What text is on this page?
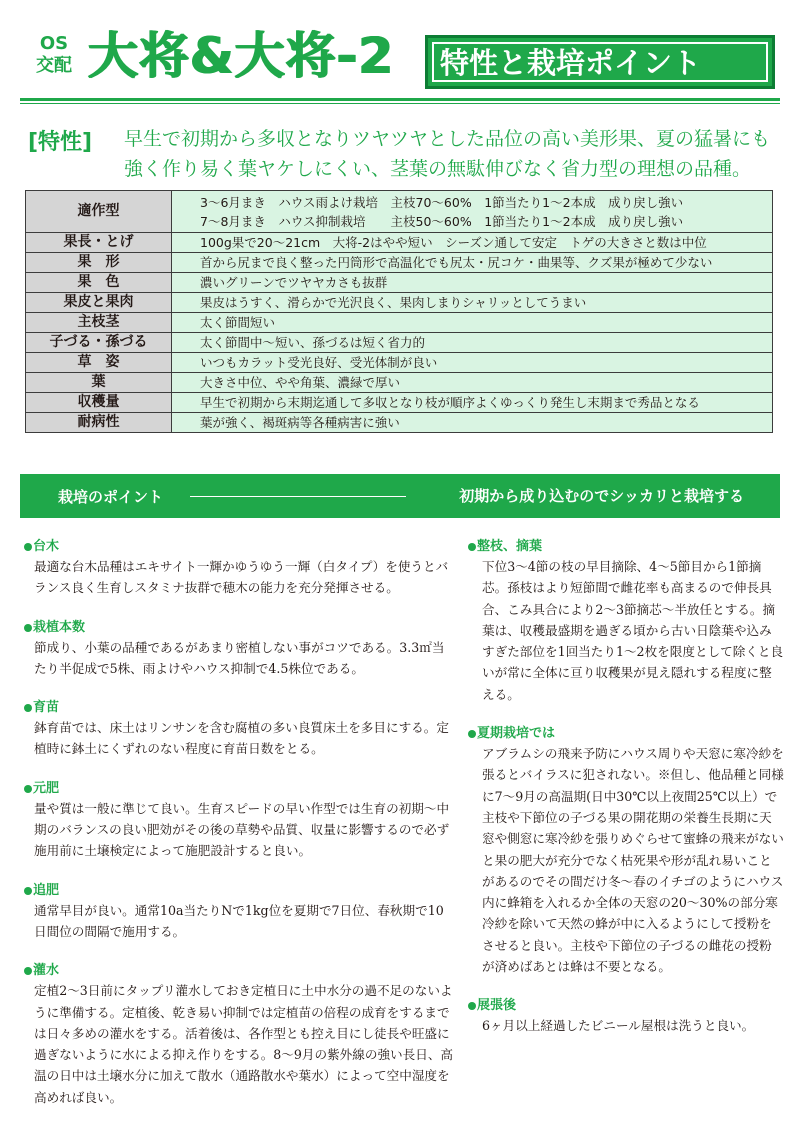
OS
交配 大将&大将-2 特性と栽培ポイント
[特性] 早生で初期から多収となりツヤツヤとした品位の高い美形果、夏の猛暑にも強く作り易く葉ヤケしにくい、茎葉の無駄伸びなく省力型の理想の品種。
適作型	3〜6月まき　ハウス雨よけ栽培　主枝70〜60%　1節当たり1〜2本成　成り戻し強い
7〜8月まき　ハウス抑制栽培　　主枝50〜60%　1節当たり1〜2本成　成り戻し強い

果長・とげ	100g果で20〜21cm　大将-2はやや短い　シーズン通して安定　トゲの大きさと数は中位
果　形	首から尻まで良く整った円筒形で高温化でも尻太・尻コケ・曲果等、クズ果が極めて少ない
果　色	濃いグリーンでツヤヤカさも抜群
果皮と果肉	果皮はうすく、滑らかで光沢良く、果肉しまりシャリッとしてうまい
主枝茎	太く節間短い
子づる・孫づる	太く節間中〜短い、孫づるは短く省力的
草　姿	いつもカラット受光良好、受光体制が良い
葉	大きさ中位、やや角葉、濃緑で厚い
収穫量	早生で初期から末期迄通して多収となり枝が順序よくゆっくり発生し末期まで秀品となる
耐病性	葉が強く、褐斑病等各種病害に強い
栽培のポイント	初期から成り込むのでシッカリと栽培する
台木
最適な台木品種はエキサイト一輝かゆうゆう一輝（白タイプ）を使うとバランス良く生育しスタミナ抜群で穂木の能力を充分発揮させる。
栽植本数
節成り、小葉の品種であるがあまり密植しない事がコツである。3.3㎡当たり半促成で5株、雨よけやハウス抑制で4.5株位である。
育苗
鉢育苗では、床土はリンサンを含む腐植の多い良質床土を多目にする。定植時に鉢土にくずれのない程度に育苗日数をとる。
元肥
量や質は一般に準じて良い。生育スピードの早い作型では生育の初期〜中期のバランスの良い肥効がその後の草勢や品質、収量に影響するので必ず施用前に土壌検定によって施肥設計すると良い。
追肥
通常早目が良い。通常10a当たりNで1kg位を夏期で7日位、春秋期で10日間位の間隔で施用する。
灌水
定植2〜3日前にタップリ灌水しておき定植日に土中水分の過不足のないように準備する。定植後、乾き易い抑制では定植苗の倍程の成育をするまでは日々多めの灌水をする。活着後は、各作型とも控え目にし徒長や旺盛に過ぎないように水による抑え作りをする。8〜9月の紫外線の強い長日、高温の日中は土壌水分に加えて散水（通路散水や葉水）によって空中湿度を高めれば良い。
整枝、摘葉
下位3〜4節の枝の早目摘除、4〜5節目から1節摘芯。孫枝はより短節間で雌花率も高まるので伸長具合、こみ具合により2〜3節摘芯〜半放任とする。摘葉は、収穫最盛期を過ぎる頃から古い日陰葉や込みすぎた部位を1回当たり1〜2枚を限度として除くと良いが常に全体に亘り収穫果が見え隠れする程度に整える。
夏期栽培では
アブラムシの飛来予防にハウス周りや天窓に寒冷紗を張るとバイラスに犯されない。※但し、他品種と同様に7〜9月の高温期(日中30℃以上夜間25℃以上）で主枝や下節位の子づる果の開花期の栄養生長期に天窓や側窓に寒冷紗を張りめぐらせて蜜蜂の飛来がないと果の肥大が充分でなく枯死果や形が乱れ易いことがあるのでその間だけ冬〜春のイチゴのようにハウス内に蜂箱を入れるか全体の天窓の20〜30%の部分寒冷紗を除いて天然の蜂が中に入るようにして授粉をさせると良い。主枝や下節位の子づるの雌花の授粉が済めばあとは蜂は不要となる。
展張後
6ヶ月以上経過したビニール屋根は洗うと良い。
